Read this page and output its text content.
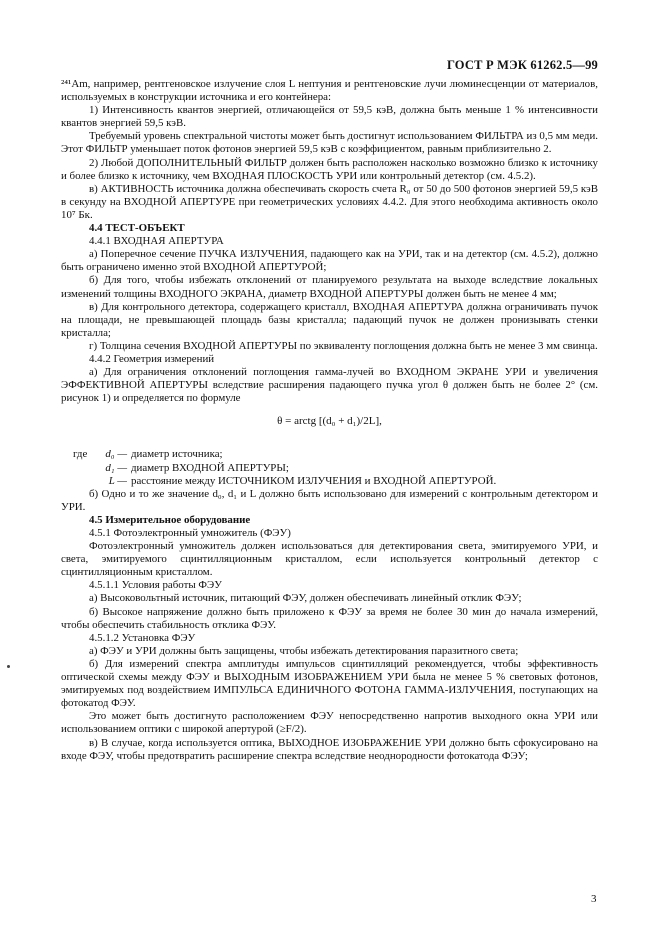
ГОСТ Р МЭК 61262.5—99

²⁴¹Am, например, рентгеновское излучение слоя L нептуния и рентгеновские лучи люминесценции от материалов, используемых в конструкции источника и его контейнера:

1) Интенсивность квантов энергией, отличающейся от 59,5 кэВ, должна быть меньше 1 % интенсивности квантов энергией 59,5 кэВ.

Требуемый уровень спектральной чистоты может быть достигнут использованием ФИЛЬТРА из 0,5 мм меди. Этот ФИЛЬТР уменьшает поток фотонов энергией 59,5 кэВ с коэффициентом, равным приблизительно 2.

2) Любой ДОПОЛНИТЕЛЬНЫЙ ФИЛЬТР должен быть расположен насколько возможно близко к источнику и более близко к источнику, чем ВХОДНАЯ ПЛОСКОСТЬ УРИ или контрольный детектор (см. 4.5.2).

в) АКТИВНОСТЬ источника должна обеспечивать скорость счета R₀ от 50 до 500 фотонов энергией 59,5 кэВ в секунду на ВХОДНОЙ АПЕРТУРЕ при геометрических условиях 4.4.2. Для этого необходима активность около 10⁷ Бк.

4.4 ТЕСТ-ОБЪЕКТ

4.4.1 ВХОДНАЯ АПЕРТУРА

а) Поперечное сечение ПУЧКА ИЗЛУЧЕНИЯ, падающего как на УРИ, так и на детектор (см. 4.5.2), должно быть ограничено именно этой ВХОДНОЙ АПЕРТУРОЙ;

б) Для того, чтобы избежать отклонений от планируемого результата на выходе вследствие локальных изменений толщины ВХОДНОГО ЭКРАНА, диаметр ВХОДНОЙ АПЕРТУРЫ должен быть не менее 4 мм;

в) Для контрольного детектора, содержащего кристалл, ВХОДНАЯ АПЕРТУРА должна ограничивать пучок на площади, не превышающей площадь базы кристалла; падающий пучок не должен пронизывать стенки кристалла;

г) Толщина сечения ВХОДНОЙ АПЕРТУРЫ по эквиваленту поглощения должна быть не менее 3 мм свинца.

4.4.2 Геометрия измерений

а) Для ограничения отклонений поглощения гамма-лучей во ВХОДНОМ ЭКРАНЕ УРИ и увеличения ЭФФЕКТИВНОЙ АПЕРТУРЫ вследствие расширения падающего пучка угол θ должен быть не более 2° (см. рисунок 1) и определяется по формуле

θ = arctg [(d₀ + d₁)/2L],
где	d₀ — диаметр источника;
d₁ — диаметр ВХОДНОЙ АПЕРТУРЫ;
L — расстояние между ИСТОЧНИКОМ ИЗЛУЧЕНИЯ и ВХОДНОЙ АПЕРТУРОЙ.

б) Одно и то же значение d₀, d₁ и L должно быть использовано для измерений с контрольным детектором и УРИ.

4.5 Измерительное оборудование

4.5.1 Фотоэлектронный умножитель (ФЭУ)

Фотоэлектронный умножитель должен использоваться для детектирования света, эмитируемого УРИ, и света, эмитируемого сцинтилляционным кристаллом, если используется контрольный детектор с сцинтилляционным кристаллом.

4.5.1.1 Условия работы ФЭУ

а) Высоковольтный источник, питающий ФЭУ, должен обеспечивать линейный отклик ФЭУ;

б) Высокое напряжение должно быть приложено к ФЭУ за время не более 30 мин до начала измерений, чтобы обеспечить стабильность отклика ФЭУ.

4.5.1.2 Установка ФЭУ

а) ФЭУ и УРИ должны быть защищены, чтобы избежать детектирования паразитного света;

б) Для измерений спектра амплитуды импульсов сцинтилляций рекомендуется, чтобы эффективность оптической схемы между ФЭУ и ВЫХОДНЫМ ИЗОБРАЖЕНИЕМ УРИ была не менее 5 % световых фотонов, эмитируемых под воздействием ИМПУЛЬСА ЕДИНИЧНОГО ФОТОНА ГАММА-ИЗЛУЧЕНИЯ, поступающих на фотокатод ФЭУ.

Это может быть достигнуто расположением ФЭУ непосредственно напротив выходного окна УРИ или использованием оптики с широкой апертурой (≥F/2).

в) В случае, когда используется оптика, ВЫХОДНОЕ ИЗОБРАЖЕНИЕ УРИ должно быть сфокусировано на входе ФЭУ, чтобы предотвратить расширение спектра вследствие неоднородности фотокатода ФЭУ;

3
